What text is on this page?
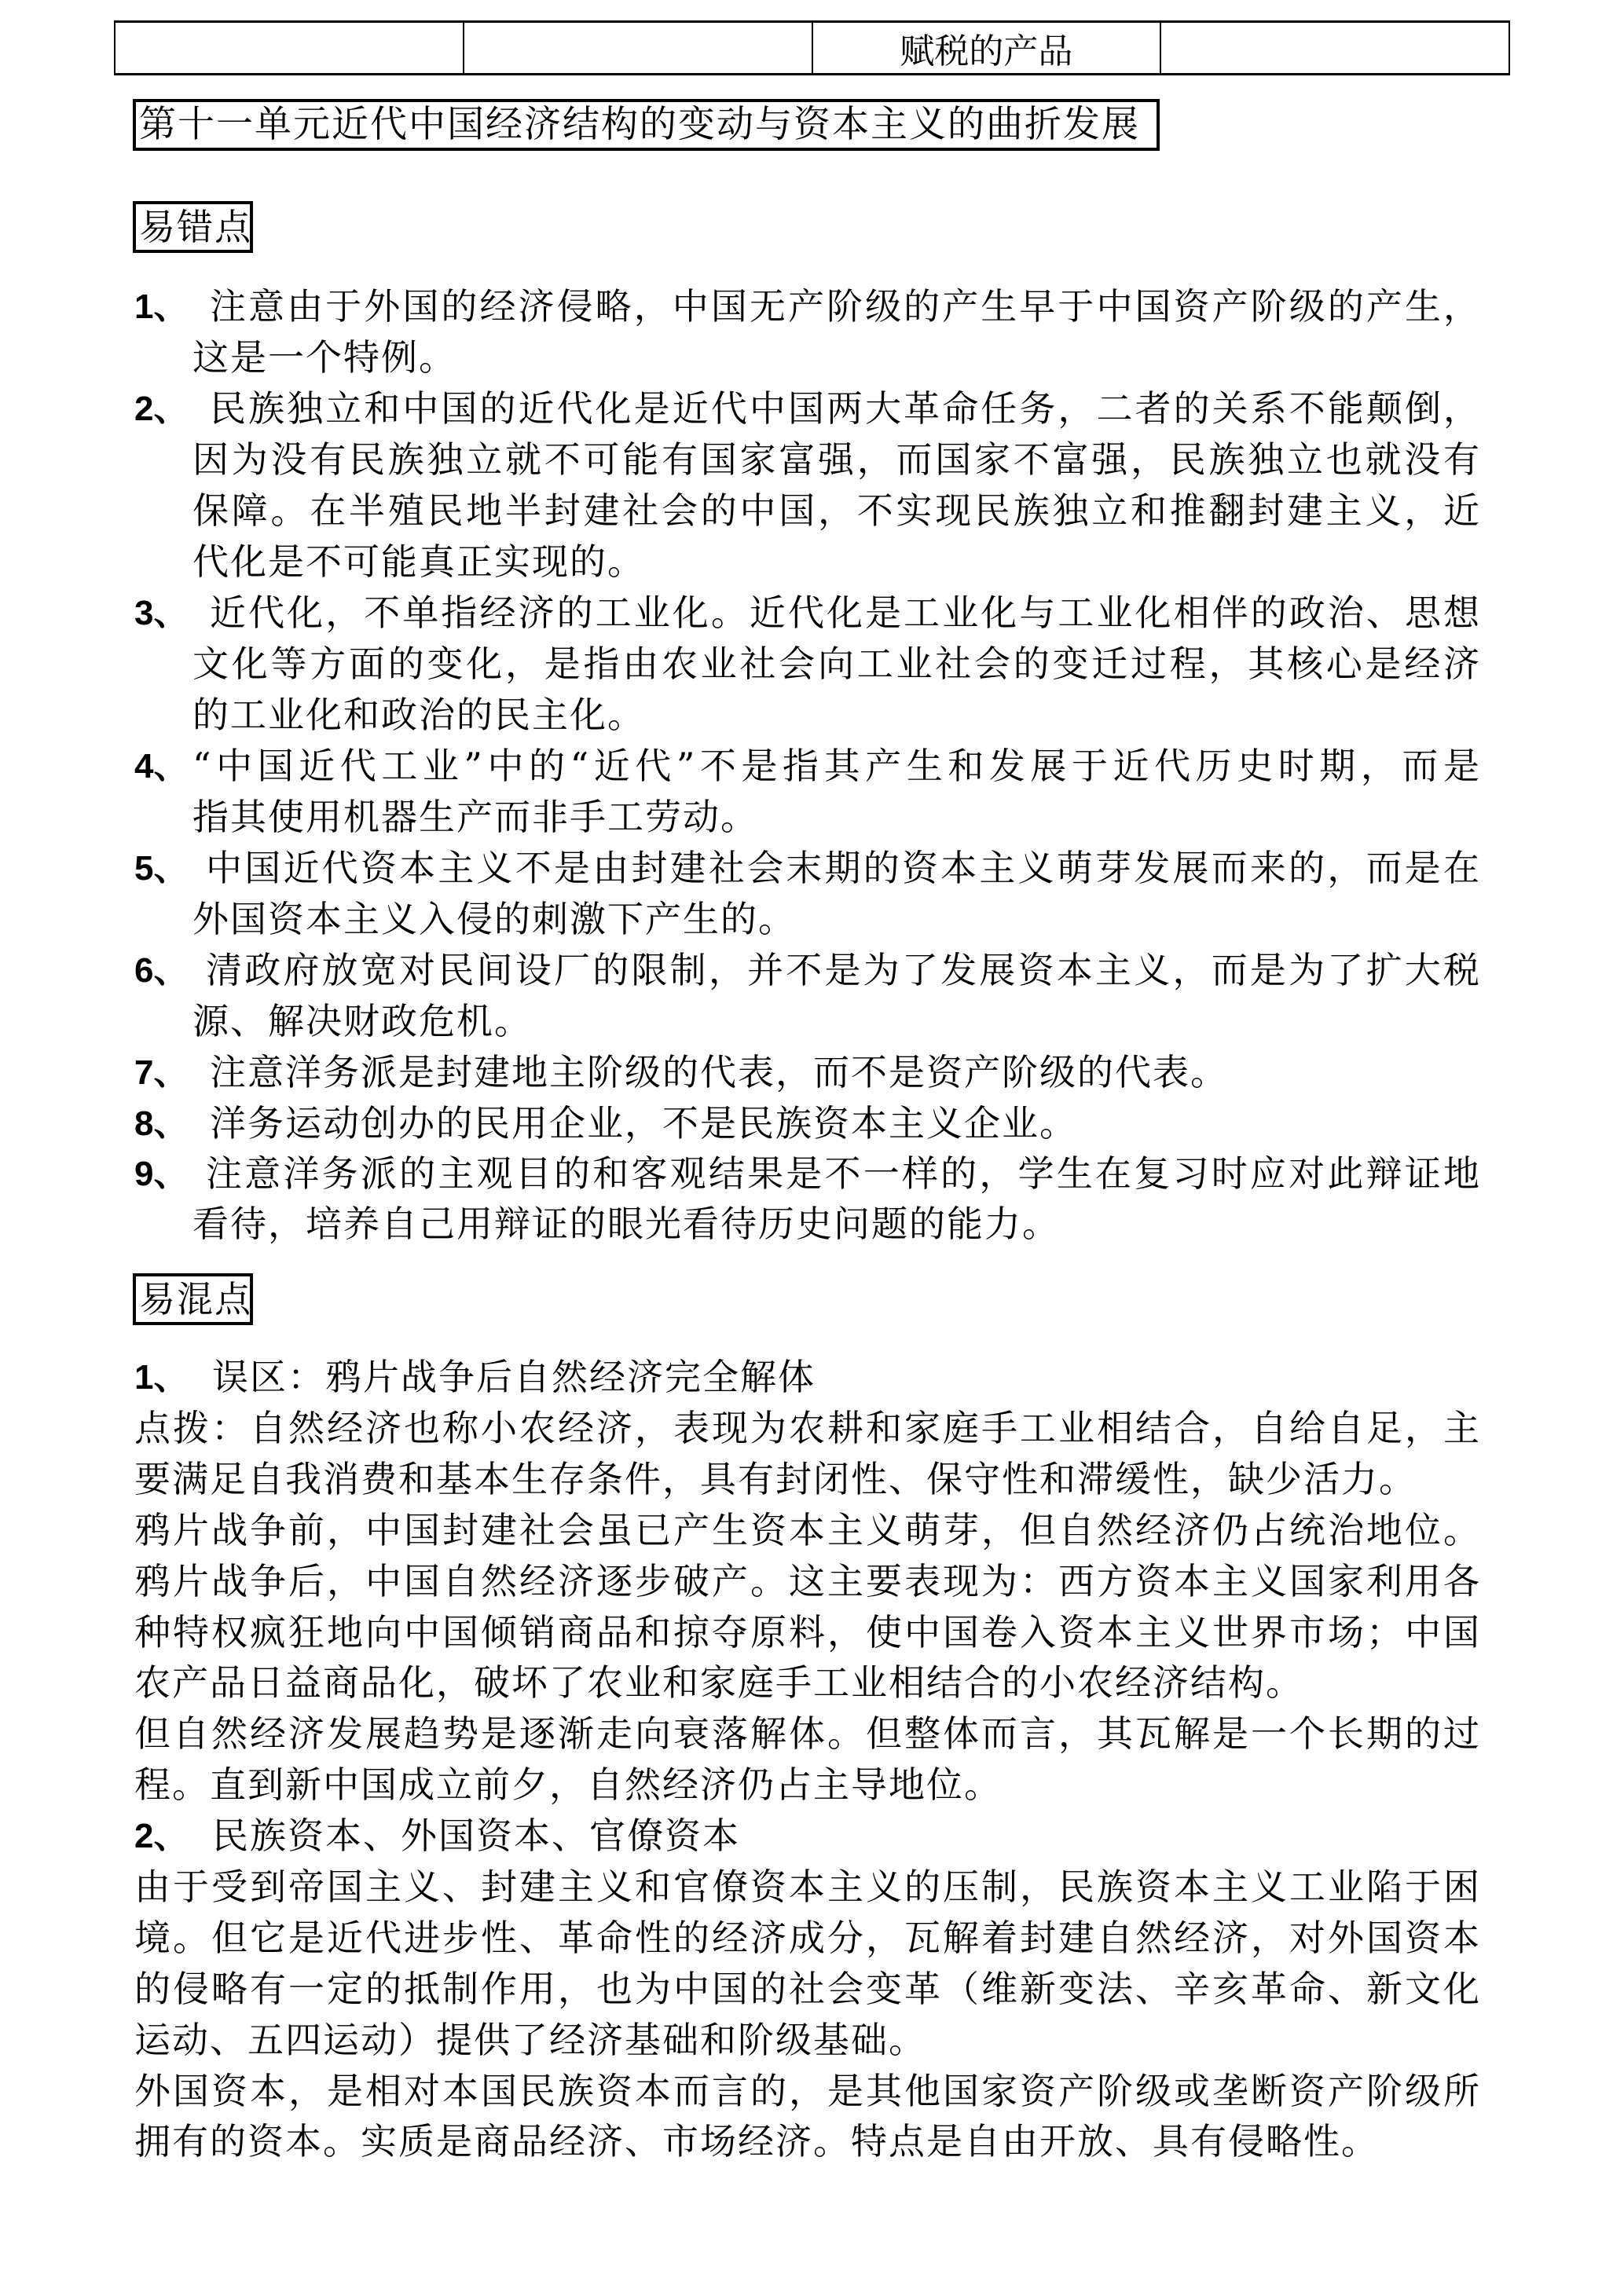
		赋税的产品	
第十一单元近代中国经济结构的变动与资本主义的曲折发展
易错点
1、 注意由于外国的经济侵略，中国无产阶级的产生早于中国资产阶级的产生，
这是一个特例。
2、 民族独立和中国的近代化是近代中国两大革命任务，二者的关系不能颠倒，
因为没有民族独立就不可能有国家富强，而国家不富强，民族独立也就没有
保障。在半殖民地半封建社会的中国，不实现民族独立和推翻封建主义，近
代化是不可能真正实现的。
3、 近代化，不单指经济的工业化。近代化是工业化与工业化相伴的政治、思想
文化等方面的变化，是指由农业社会向工业社会的变迁过程，其核心是经济
的工业化和政治的民主化。
4、 “中国近代工业”中的“近代”不是指其产生和发展于近代历史时期，而是
指其使用机器生产而非手工劳动。
5、 中国近代资本主义不是由封建社会末期的资本主义萌芽发展而来的，而是在
外国资本主义入侵的刺激下产生的。
6、 清政府放宽对民间设厂的限制，并不是为了发展资本主义，而是为了扩大税
源、解决财政危机。
7、 注意洋务派是封建地主阶级的代表，而不是资产阶级的代表。
8、 洋务运动创办的民用企业，不是民族资本主义企业。
9、 注意洋务派的主观目的和客观结果是不一样的，学生在复习时应对此辩证地
看待，培养自己用辩证的眼光看待历史问题的能力。
易混点
1、 误区：鸦片战争后自然经济完全解体
点拨：自然经济也称小农经济，表现为农耕和家庭手工业相结合，自给自足，主
要满足自我消费和基本生存条件，具有封闭性、保守性和滞缓性，缺少活力。
鸦片战争前，中国封建社会虽已产生资本主义萌芽，但自然经济仍占统治地位。
鸦片战争后，中国自然经济逐步破产。这主要表现为：西方资本主义国家利用各
种特权疯狂地向中国倾销商品和掠夺原料，使中国卷入资本主义世界市场；中国
农产品日益商品化，破坏了农业和家庭手工业相结合的小农经济结构。
但自然经济发展趋势是逐渐走向衰落解体。但整体而言，其瓦解是一个长期的过
程。直到新中国成立前夕，自然经济仍占主导地位。
2、 民族资本、外国资本、官僚资本
由于受到帝国主义、封建主义和官僚资本主义的压制，民族资本主义工业陷于困
境。但它是近代进步性、革命性的经济成分，瓦解着封建自然经济，对外国资本
的侵略有一定的抵制作用，也为中国的社会变革（维新变法、辛亥革命、新文化
运动、五四运动）提供了经济基础和阶级基础。
外国资本，是相对本国民族资本而言的，是其他国家资产阶级或垄断资产阶级所
拥有的资本。实质是商品经济、市场经济。特点是自由开放、具有侵略性。
